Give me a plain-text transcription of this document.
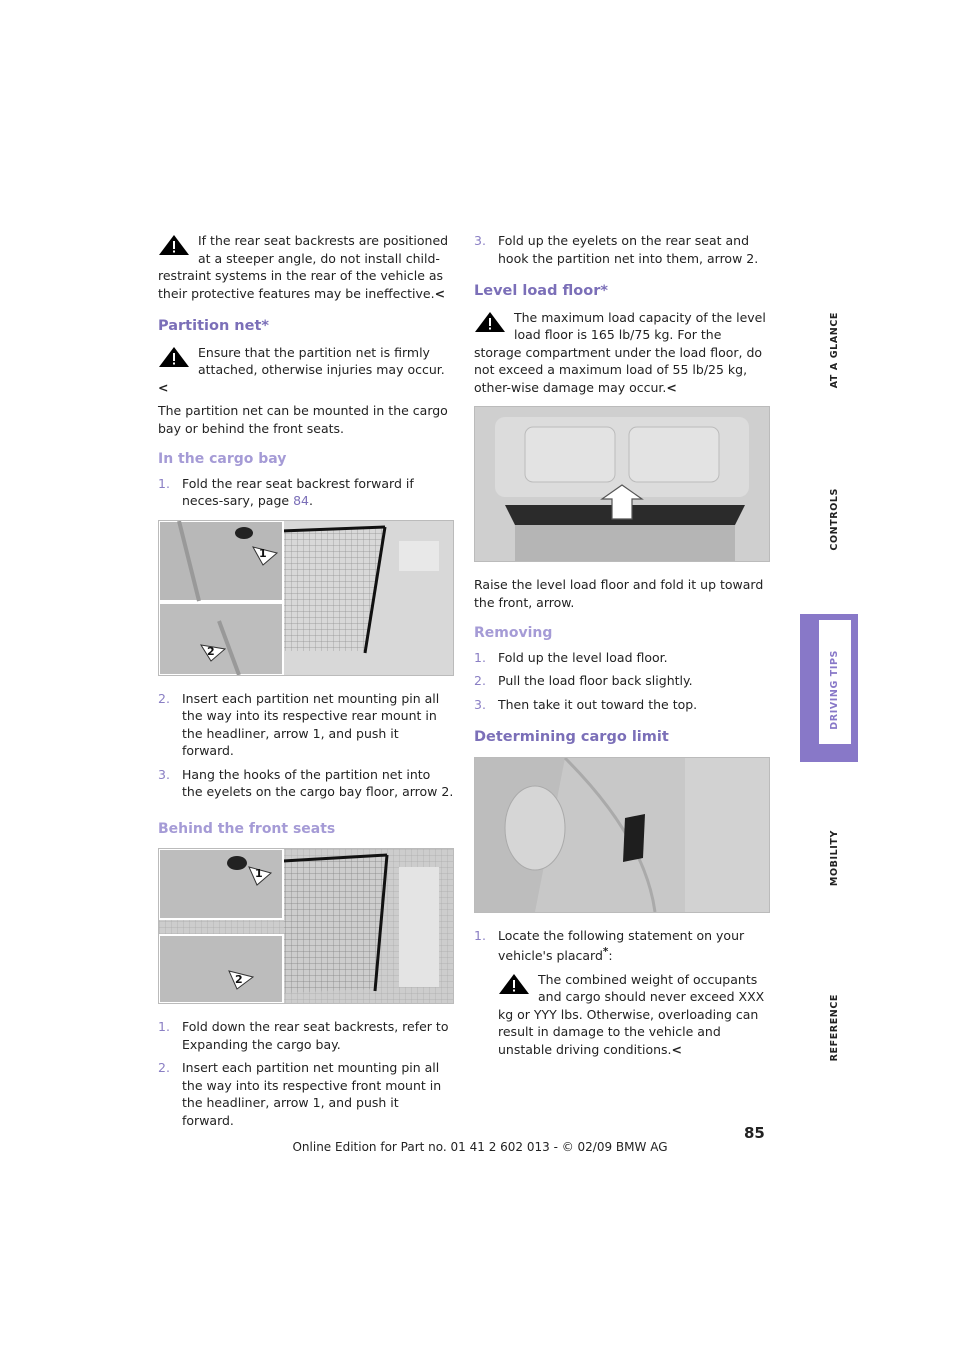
AT A GLANCE
CONTROLS
DRIVING TIPS
MOBILITY
REFERENCE
If the rear seat backrests are positioned at a steeper angle, do not install child-restraint systems in the rear of the vehicle as their protective features may be ineffective.<
Partition net*
Ensure that the partition net is firmly attached, otherwise injuries may occur.<

The partition net can be mounted in the cargo bay or behind the front seats.

In the cargo bay
1. Fold the rear seat backrest forward if neces-sary, page 84.
1
2
2. Insert each partition net mounting pin all the way into its respective rear mount in the headliner, arrow 1, and push it forward.
3. Hang the hooks of the partition net into the eyelets on the cargo bay floor, arrow 2.
Behind the front seats
1
2
1. Fold down the rear seat backrests, refer to Expanding the cargo bay.
2. Insert each partition net mounting pin all the way into its respective front mount in the headliner, arrow 1, and push it forward.
3. Fold up the eyelets on the rear seat and hook the partition net into them, arrow 2.
Level load floor*
The maximum load capacity of the level load floor is 165 lb/75 kg. For the storage compartment under the load floor, do not exceed a maximum load of 55 lb/25 kg, other-wise damage may occur.<

Raise the level load floor and fold it up toward the front, arrow.

Removing
1. Fold up the level load floor.
2. Pull the load floor back slightly.
3. Then take it out toward the top.
Determining cargo limit
1. Locate the following statement on your vehicle's placard*:
The combined weight of occupants and cargo should never exceed XXX kg or YYY lbs. Otherwise, overloading can result in damage to the vehicle and unstable driving conditions.<
85
Online Edition for Part no. 01 41 2 602 013 - © 02/09 BMW AG
